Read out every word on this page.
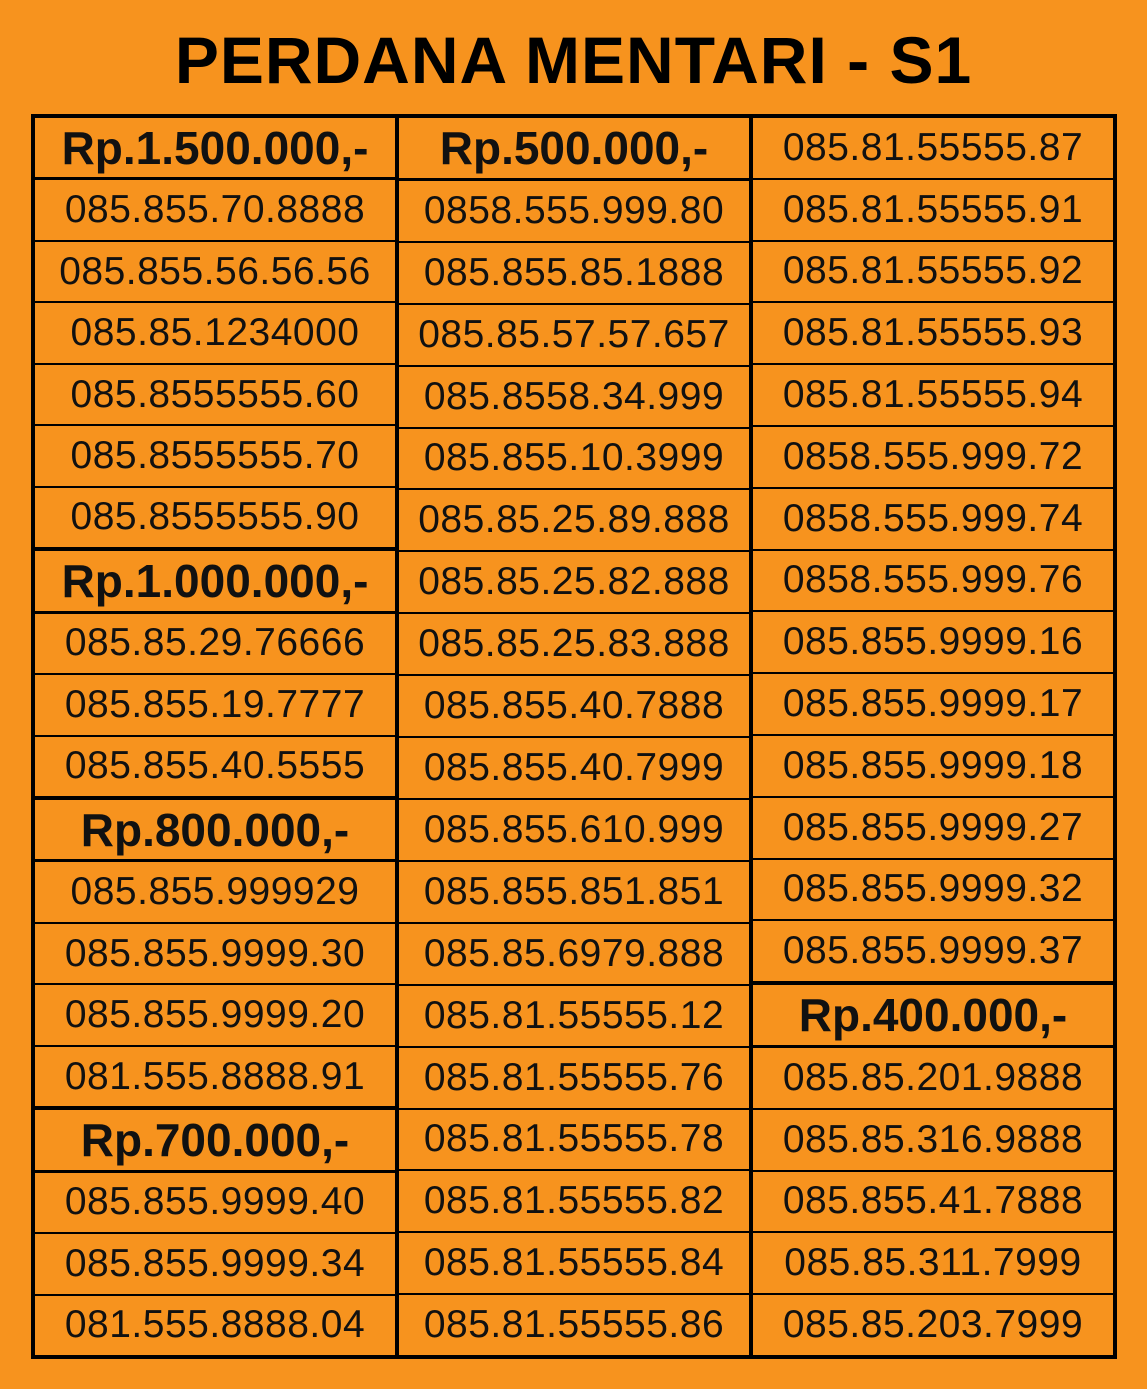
PERDANA MENTARI - S1
Rp.1.500.000,-
085.855.70.8888
085.855.56.56.56
085.85.1234000
085.8555555.60
085.8555555.70
085.8555555.90
Rp.1.000.000,-
085.85.29.76666
085.855.19.7777
085.855.40.5555
Rp.800.000,-
085.855.999929
085.855.9999.30
085.855.9999.20
081.555.8888.91
Rp.700.000,-
085.855.9999.40
085.855.9999.34
081.555.8888.04
Rp.500.000,-
0858.555.999.80
085.855.85.1888
085.85.57.57.657
085.8558.34.999
085.855.10.3999
085.85.25.89.888
085.85.25.82.888
085.85.25.83.888
085.855.40.7888
085.855.40.7999
085.855.610.999
085.855.851.851
085.85.6979.888
085.81.55555.12
085.81.55555.76
085.81.55555.78
085.81.55555.82
085.81.55555.84
085.81.55555.86
085.81.55555.87
085.81.55555.91
085.81.55555.92
085.81.55555.93
085.81.55555.94
0858.555.999.72
0858.555.999.74
0858.555.999.76
085.855.9999.16
085.855.9999.17
085.855.9999.18
085.855.9999.27
085.855.9999.32
085.855.9999.37
Rp.400.000,-
085.85.201.9888
085.85.316.9888
085.855.41.7888
085.85.311.7999
085.85.203.7999
